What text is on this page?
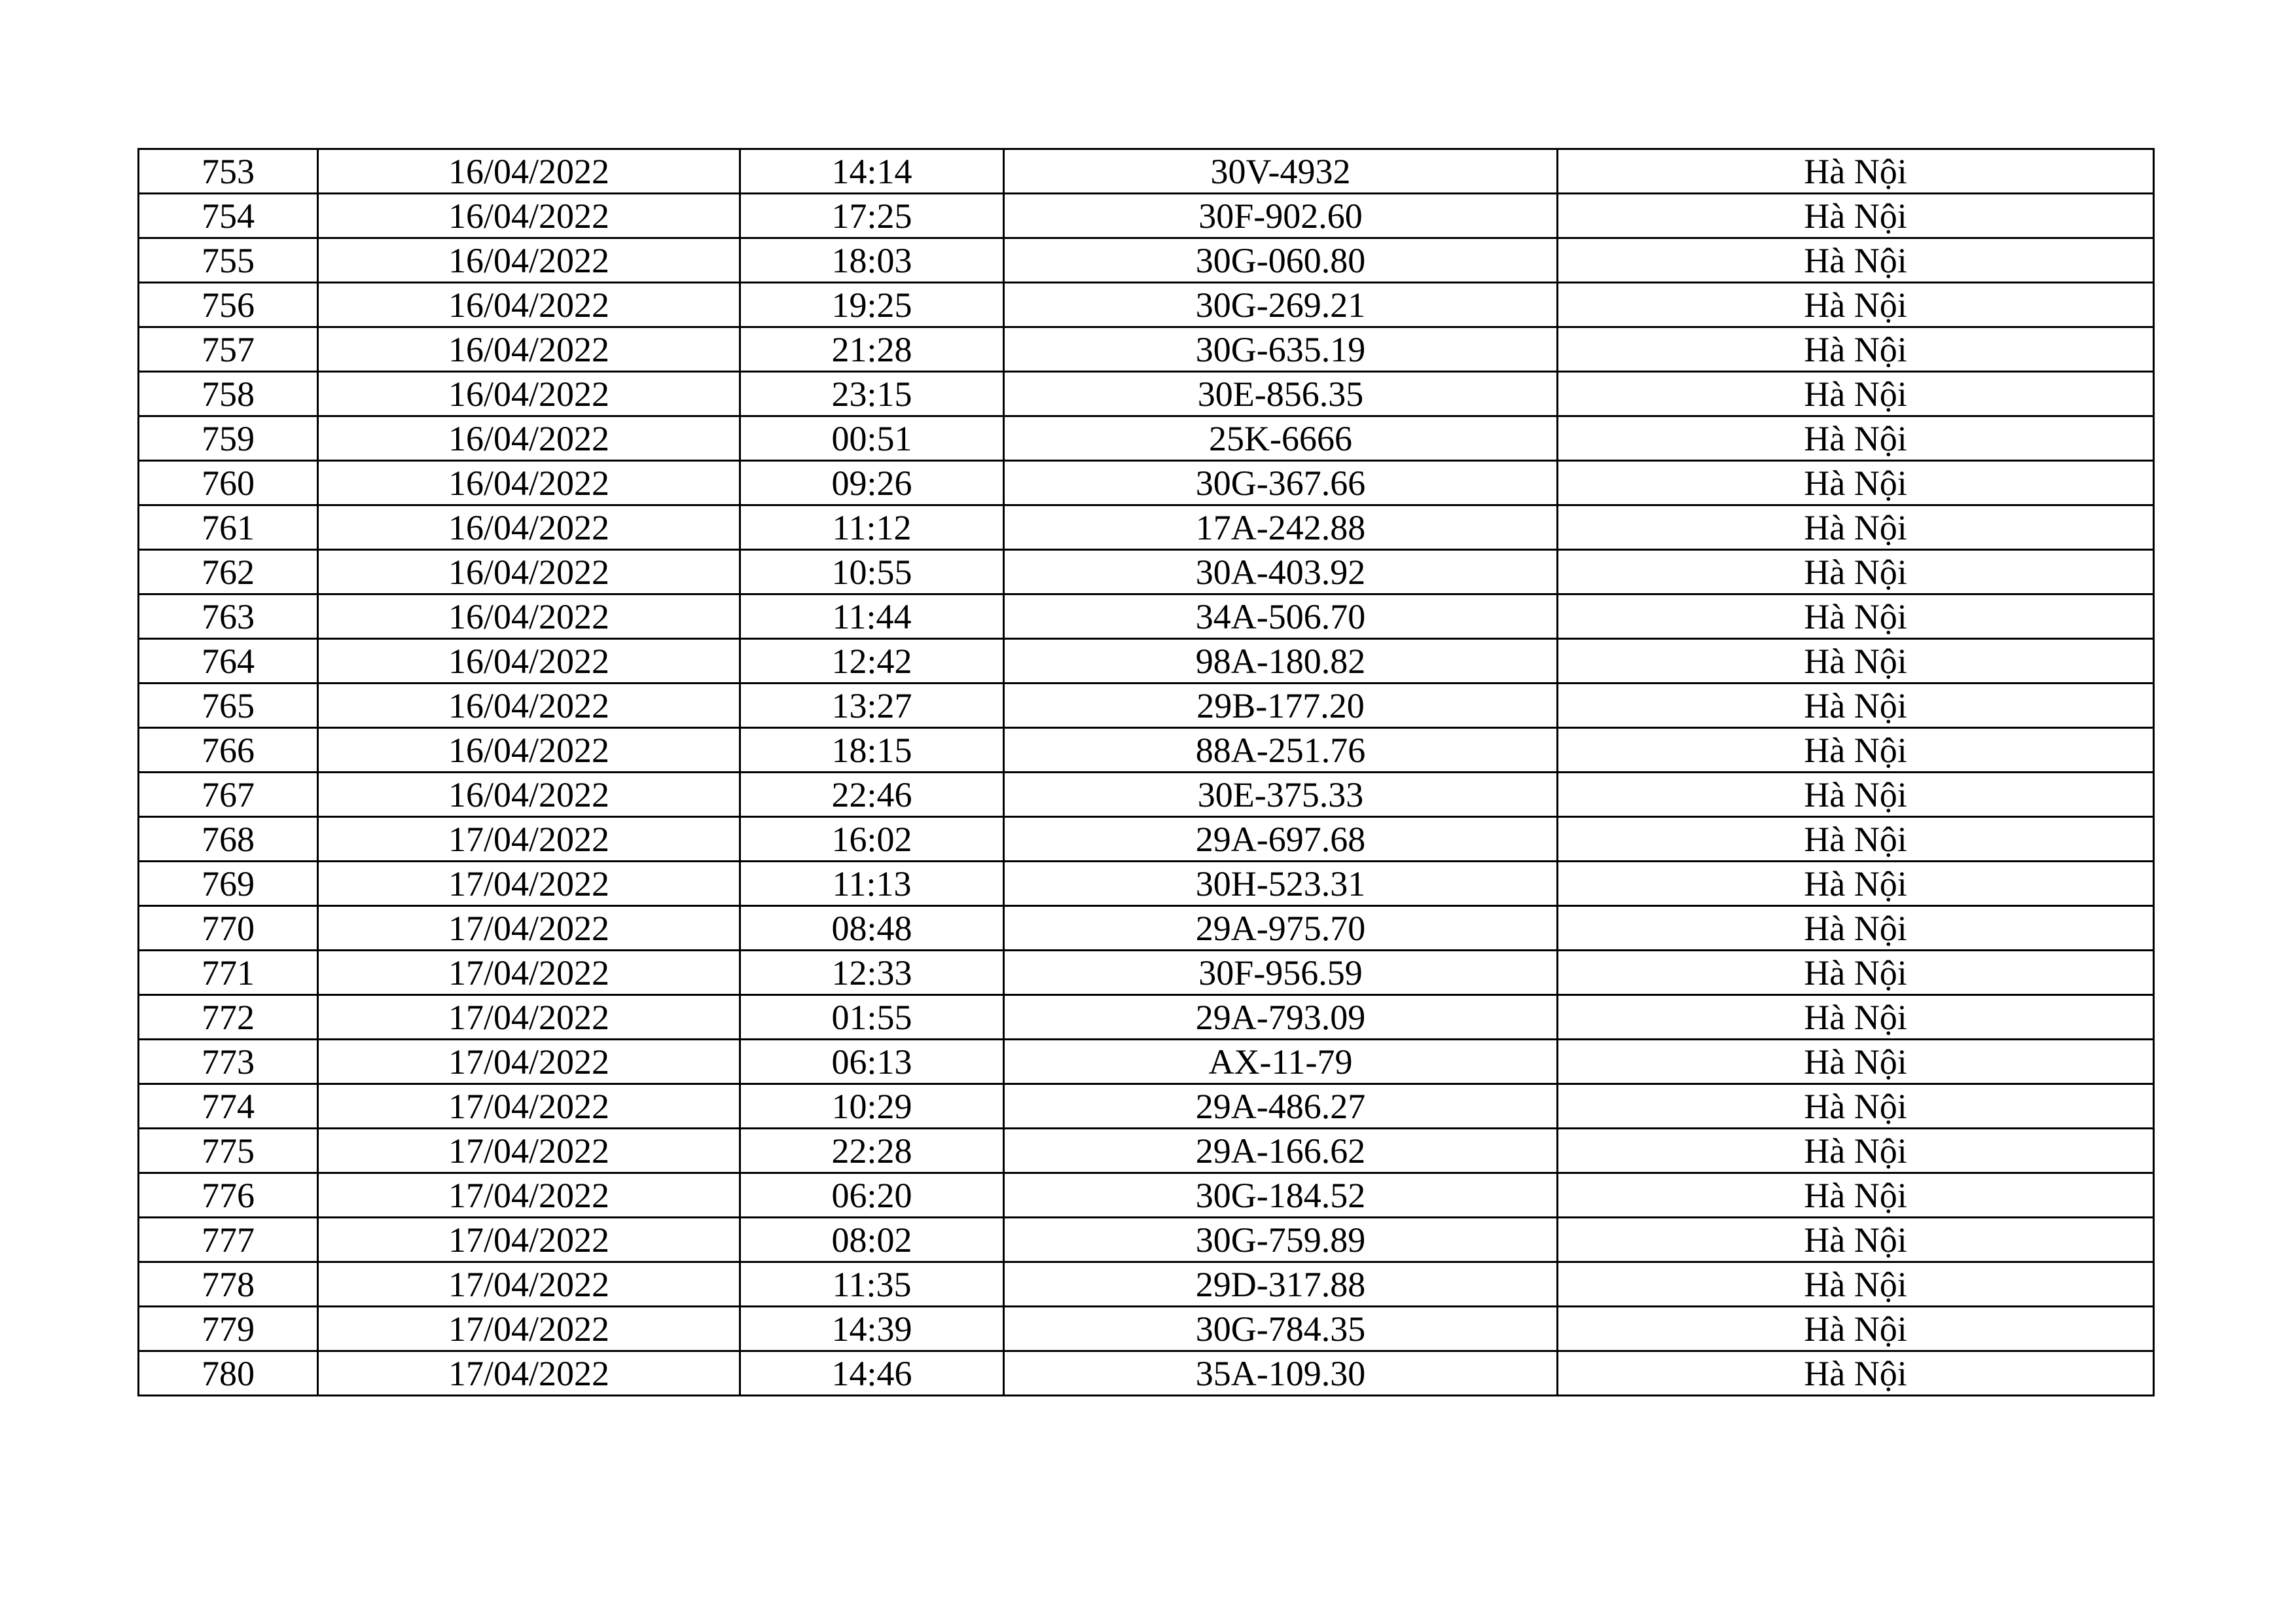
753	16/04/2022	14:14	30V-4932	Hà Nội
754	16/04/2022	17:25	30F-902.60	Hà Nội
755	16/04/2022	18:03	30G-060.80	Hà Nội
756	16/04/2022	19:25	30G-269.21	Hà Nội
757	16/04/2022	21:28	30G-635.19	Hà Nội
758	16/04/2022	23:15	30E-856.35	Hà Nội
759	16/04/2022	00:51	25K-6666	Hà Nội
760	16/04/2022	09:26	30G-367.66	Hà Nội
761	16/04/2022	11:12	17A-242.88	Hà Nội
762	16/04/2022	10:55	30A-403.92	Hà Nội
763	16/04/2022	11:44	34A-506.70	Hà Nội
764	16/04/2022	12:42	98A-180.82	Hà Nội
765	16/04/2022	13:27	29B-177.20	Hà Nội
766	16/04/2022	18:15	88A-251.76	Hà Nội
767	16/04/2022	22:46	30E-375.33	Hà Nội
768	17/04/2022	16:02	29A-697.68	Hà Nội
769	17/04/2022	11:13	30H-523.31	Hà Nội
770	17/04/2022	08:48	29A-975.70	Hà Nội
771	17/04/2022	12:33	30F-956.59	Hà Nội
772	17/04/2022	01:55	29A-793.09	Hà Nội
773	17/04/2022	06:13	AX-11-79	Hà Nội
774	17/04/2022	10:29	29A-486.27	Hà Nội
775	17/04/2022	22:28	29A-166.62	Hà Nội
776	17/04/2022	06:20	30G-184.52	Hà Nội
777	17/04/2022	08:02	30G-759.89	Hà Nội
778	17/04/2022	11:35	29D-317.88	Hà Nội
779	17/04/2022	14:39	30G-784.35	Hà Nội
780	17/04/2022	14:46	35A-109.30	Hà Nội
